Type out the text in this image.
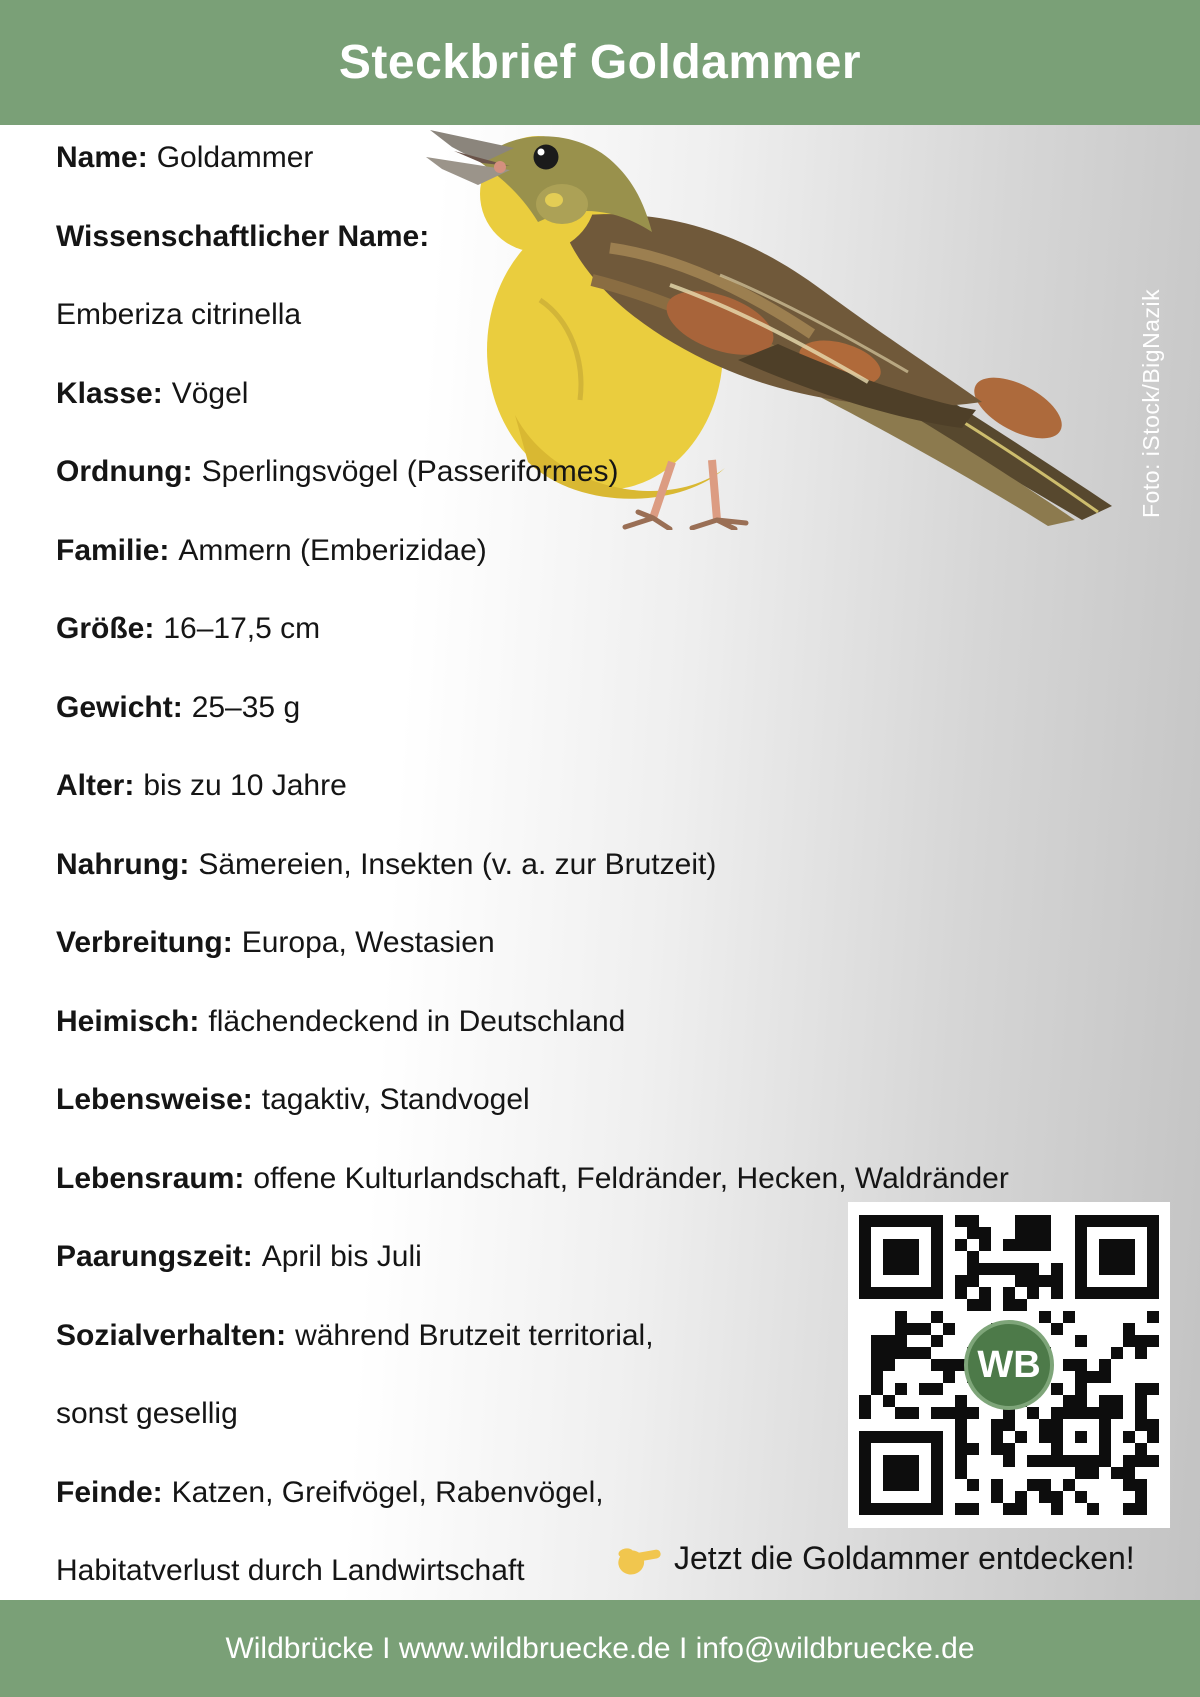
Steckbrief Goldammer
Foto: iStock/BigNazik
Name: Goldammer
Wissenschaftlicher Name:
Emberiza citrinella
Klasse: Vögel
Ordnung: Sperlingsvögel (Passeriformes)
Familie: Ammern (Emberizidae)
Größe: 16–17,5 cm
Gewicht: 25–35 g
Alter: bis zu 10 Jahre
Nahrung: Sämereien, Insekten (v. a. zur Brutzeit)
Verbreitung: Europa, Westasien
Heimisch: flächendeckend in Deutschland
Lebensweise: tagaktiv, Standvogel
Lebensraum: offene Kulturlandschaft, Feldränder, Hecken, Waldränder
Paarungszeit: April bis Juli
Sozialverhalten: während Brutzeit territorial,
sonst gesellig
Feinde: Katzen, Greifvögel, Rabenvögel,
Habitatverlust durch Landwirtschaft
WB
Jetzt die Goldammer entdecken!
Wildbrücke I www.wildbruecke.de I info@wildbruecke.de
